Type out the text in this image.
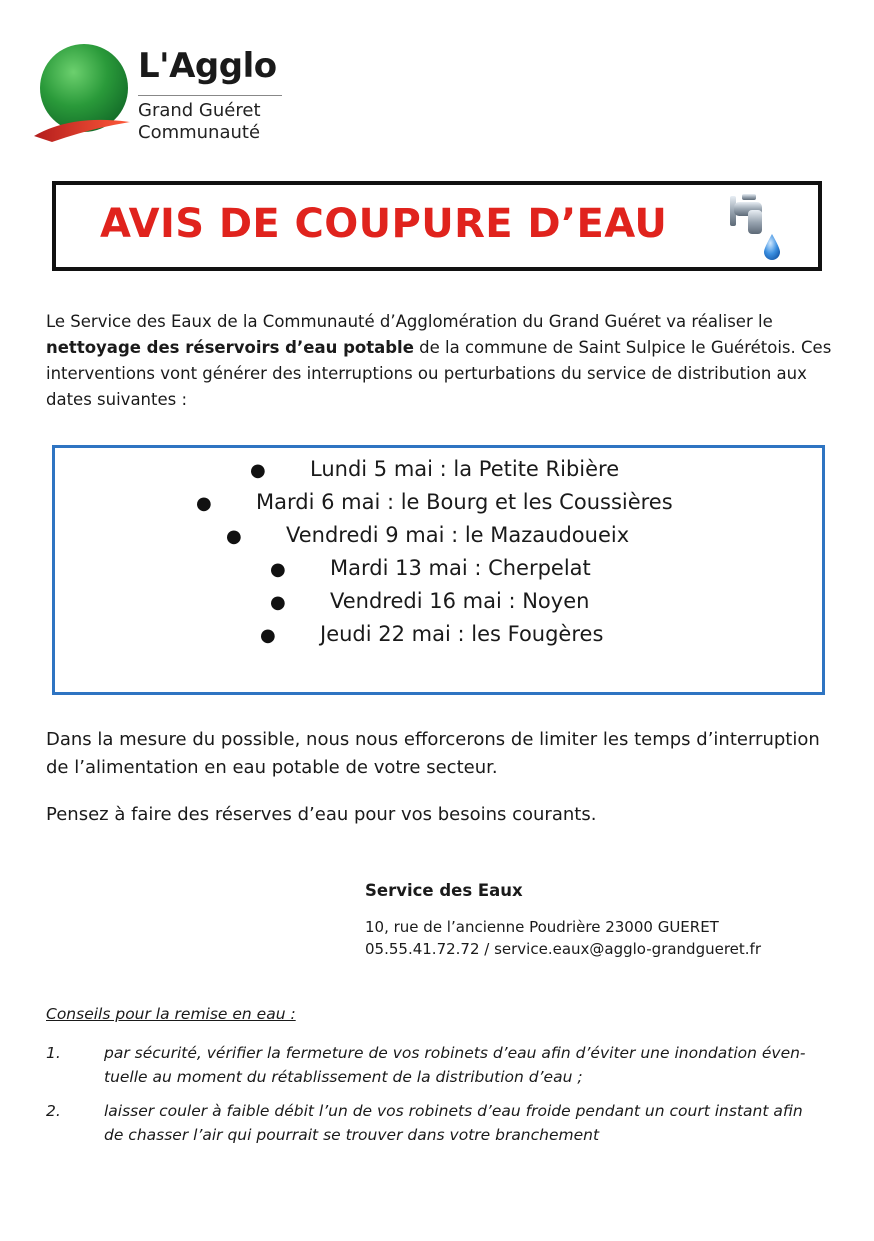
L'Agglo
Grand Guéret
Communauté
AVIS DE COUPURE D’EAU
Le Service des Eaux de la Communauté d’Agglomération du Grand Guéret va réaliser le nettoyage des réservoirs d’eau potable de la commune de Saint Sulpice le Guérétois. Ces interventions vont générer des interruptions ou perturbations du service de distribution aux dates suivantes :
● Lundi 5 mai : la Petite Ribière
● Mardi 6 mai : le Bourg et les Coussières
● Vendredi 9 mai : le Mazaudoueix
● Mardi 13 mai : Cherpelat
● Vendredi 16 mai : Noyen
● Jeudi 22 mai : les Fougères
Dans la mesure du possible, nous nous efforcerons de limiter les temps d’interruption de l’alimentation en eau potable de votre secteur.
Pensez à faire des réserves d’eau pour vos besoins courants.
Service des Eaux
10, rue de l’ancienne Poudrière 23000 GUERET
05.55.41.72.72 / service.eaux@agglo-grandgueret.fr
Conseils pour la remise en eau :
1.	par sécurité, vérifier la fermeture de vos robinets d’eau afin d’éviter une inondation éven-tuelle au moment du rétablissement de la distribution d’eau ;
2.	laisser couler à faible débit l’un de vos robinets d’eau froide pendant un court instant afin de chasser l’air qui pourrait se trouver dans votre branchement
